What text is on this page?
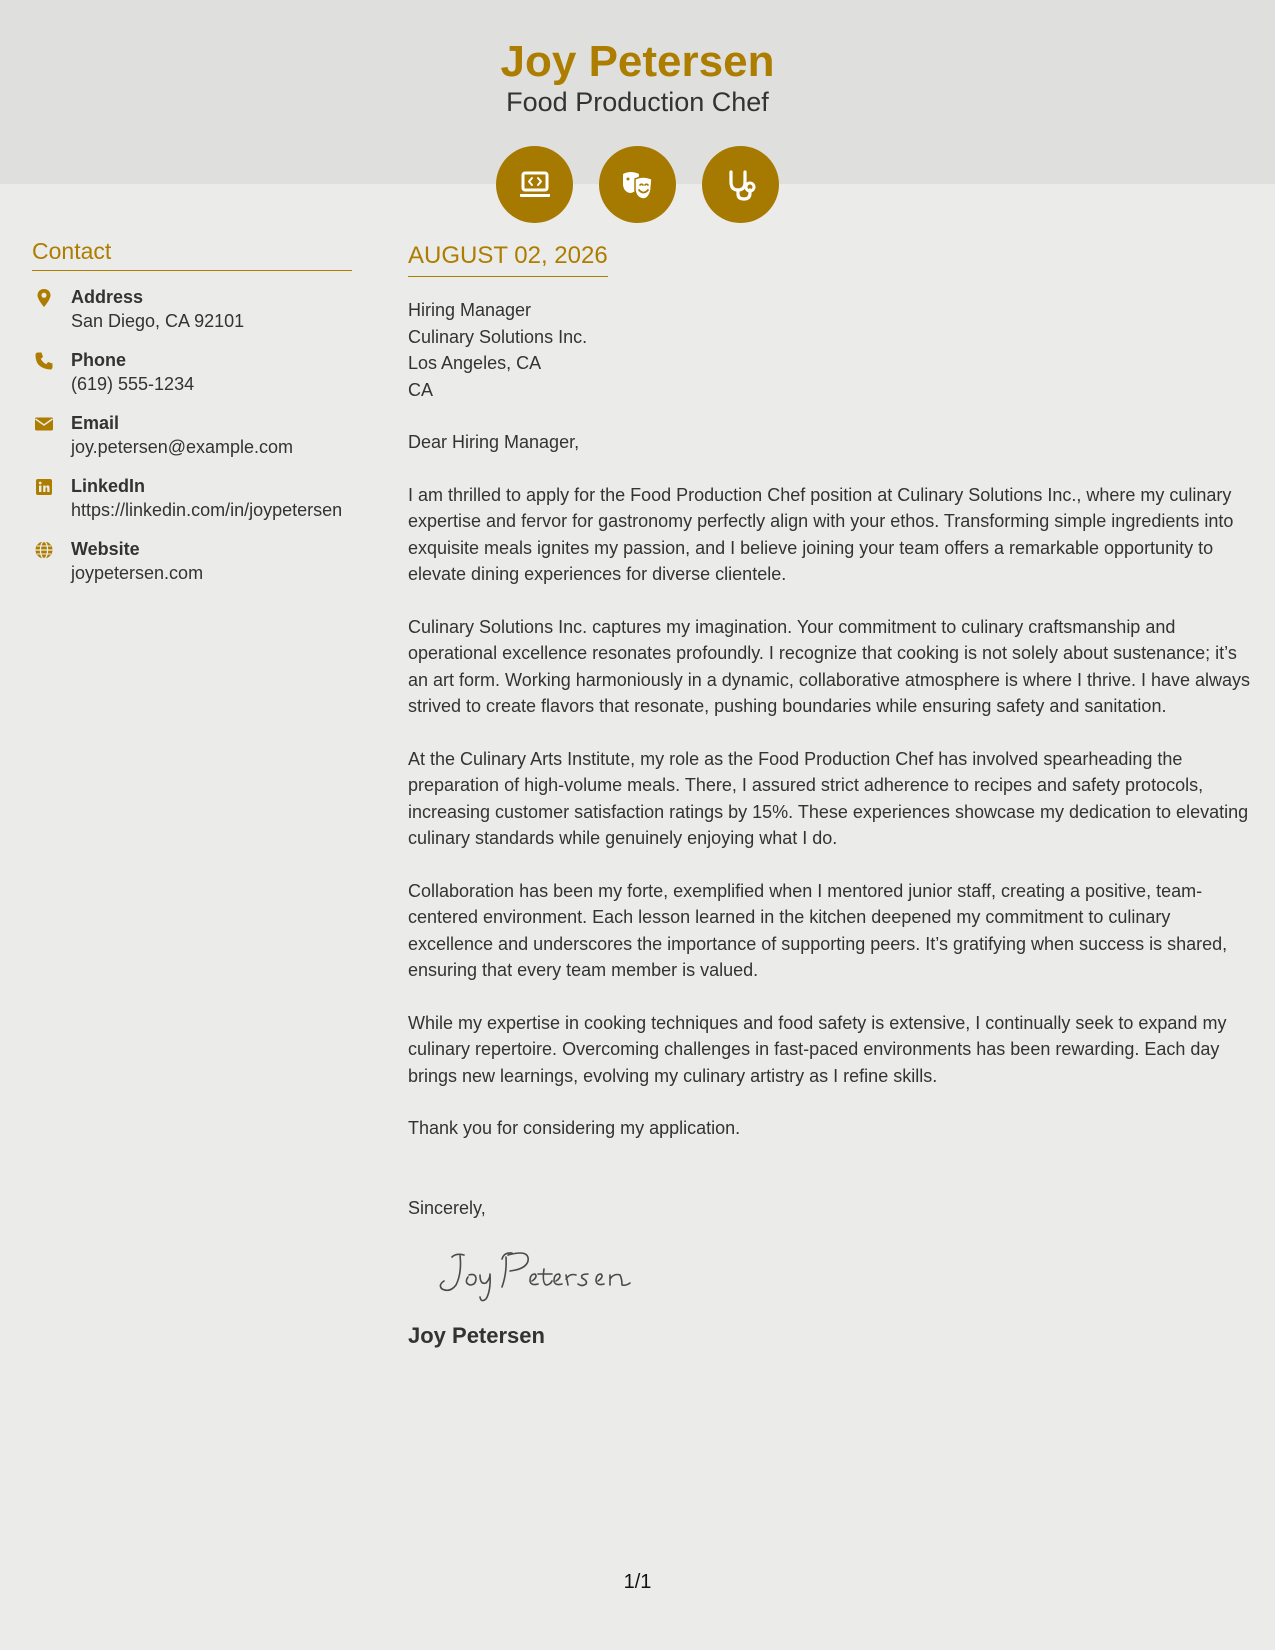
Joy Petersen
Food Production Chef
Contact
Address
San Diego, CA 92101
Phone
(619) 555-1234
Email
joy.petersen@example.com
LinkedIn
https://linkedin.com/in/joypetersen
Website
joypetersen.com
AUGUST 02, 2026
Hiring Manager
Culinary Solutions Inc.
Los Angeles, CA
CA
Dear Hiring Manager,
I am thrilled to apply for the Food Production Chef position at Culinary Solutions Inc., where my culinary expertise and fervor for gastronomy perfectly align with your ethos. Transforming simple ingredients into exquisite meals ignites my passion, and I believe joining your team offers a remarkable opportunity to elevate dining experiences for diverse clientele.
Culinary Solutions Inc. captures my imagination. Your commitment to culinary craftsmanship and operational excellence resonates profoundly. I recognize that cooking is not solely about sustenance; it’s an art form. Working harmoniously in a dynamic, collaborative atmosphere is where I thrive. I have always strived to create flavors that resonate, pushing boundaries while ensuring safety and sanitation.
At the Culinary Arts Institute, my role as the Food Production Chef has involved spearheading the preparation of high-volume meals. There, I assured strict adherence to recipes and safety protocols, increasing customer satisfaction ratings by 15%. These experiences showcase my dedication to elevating culinary standards while genuinely enjoying what I do.
Collaboration has been my forte, exemplified when I mentored junior staff, creating a positive, team-centered environment. Each lesson learned in the kitchen deepened my commitment to culinary excellence and underscores the importance of supporting peers. It’s gratifying when success is shared, ensuring that every team member is valued.
While my expertise in cooking techniques and food safety is extensive, I continually seek to expand my culinary repertoire. Overcoming challenges in fast-paced environments has been rewarding. Each day brings new learnings, evolving my culinary artistry as I refine skills.
Thank you for considering my application.
Sincerely,
Joy Petersen
1/1
